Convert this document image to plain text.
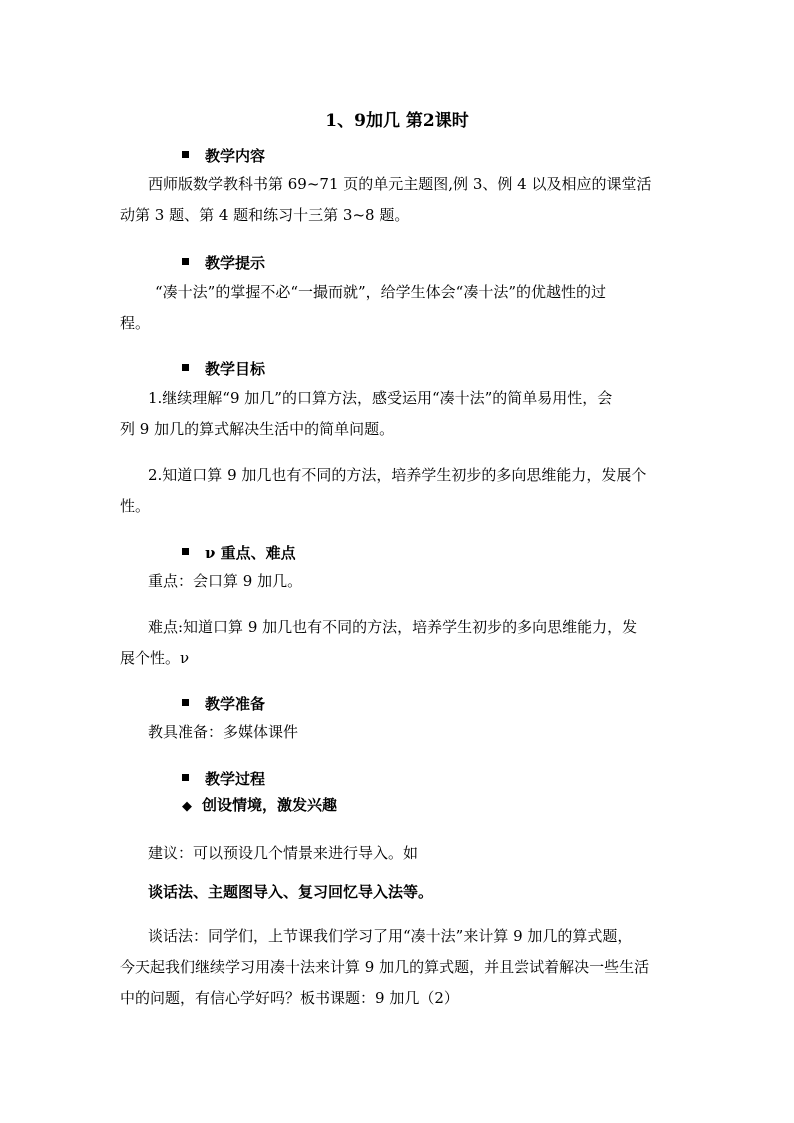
1、9加几 第2课时
教学内容
西师版数学教科书第 69~71 页的单元主题图,例 3、例 4 以及相应的课堂活
动第 3 题、第 4 题和练习十三第 3~8 题。
教学提示
“凑十法”的掌握不必“一撮而就”，给学生体会“凑十法”的优越性的过
程。
教学目标
1.继续理解“9 加几”的口算方法，感受运用“凑十法”的简单易用性，会
列 9 加几的算式解决生活中的简单问题。
2.知道口算 9 加几也有不同的方法，培养学生初步的多向思维能力，发展个
性。
ν 重点、难点
重点：会口算 9 加几。
难点:知道口算 9 加几也有不同的方法，培养学生初步的多向思维能力，发
展个性。ν
教学准备
教具准备：多媒体课件
教学过程
◆ 创设情境，激发兴趣
建议：可以预设几个情景来进行导入。如
谈话法、主题图导入、复习回忆导入法等。
谈话法：同学们，上节课我们学习了用“凑十法”来计算 9 加几的算式题，
今天起我们继续学习用凑十法来计算 9 加几的算式题，并且尝试着解决一些生活
中的问题，有信心学好吗？板书课题：9 加几（2）
